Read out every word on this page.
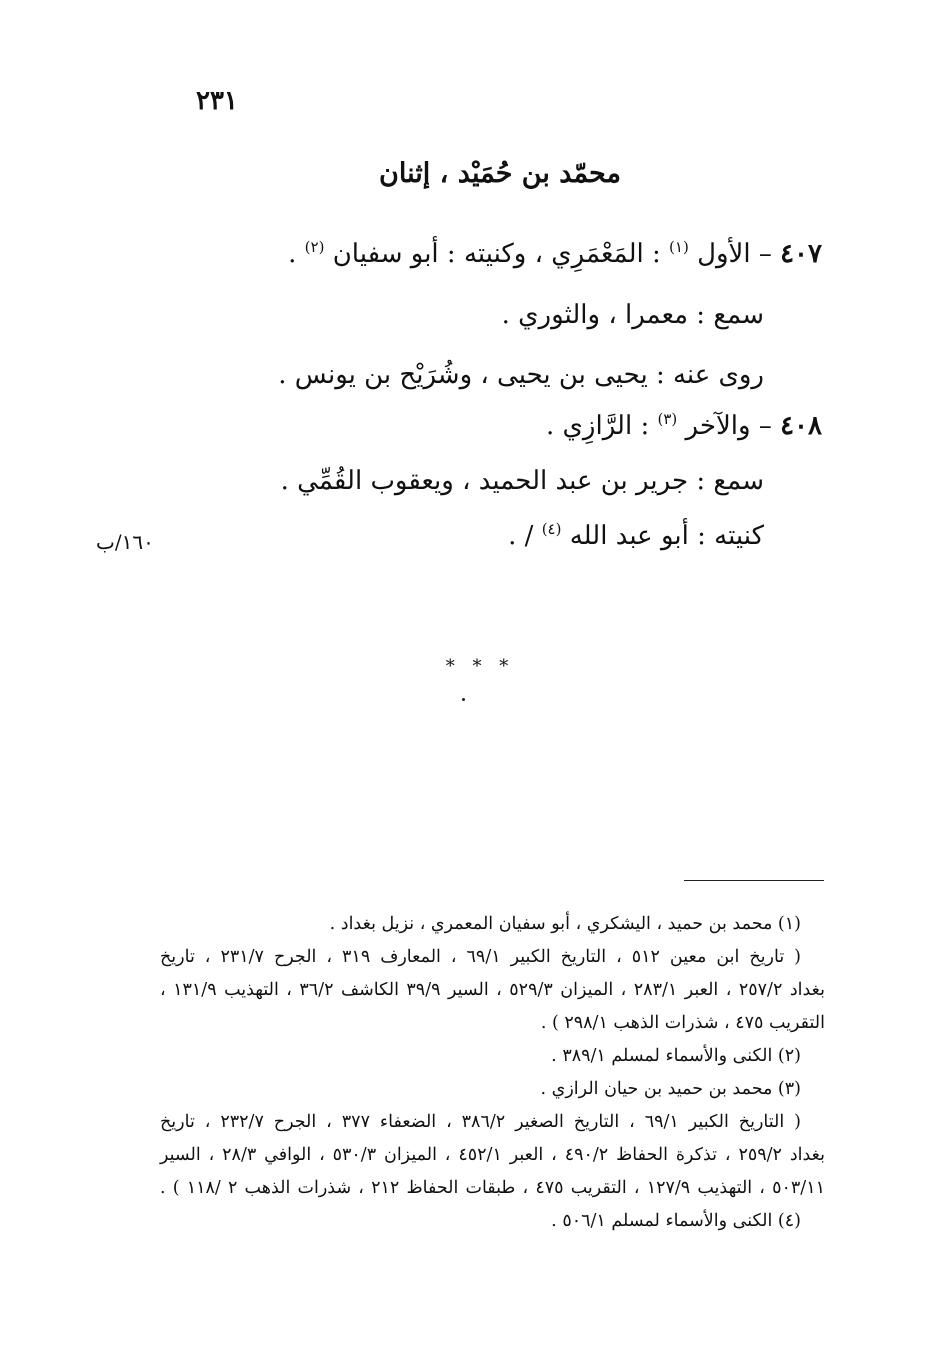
٢٣١
محمّد بن حُمَيْد ، إثنان
٤٠٧ – الأول $^{(١)}$ : المَعْمَرِي ، وكنيته : أبو سفيان $^{(٢)}$ .
سمع : معمرا ، والثوري .
روى عنه : يحيى بن يحيى ، وشُرَيْح بن يونس .
٤٠٨ – والآخر $^{(٣)}$ : الرَّازِي .
سمع : جرير بن عبد الحميد ، ويعقوب القُمِّي .
كنيته : أبو عبد الله $^{(٤)}$ / .
١٦٠/ب
* * *

(١) محمد بن حميد ، اليشكري ، أبو سفيان المعمري ، نزيل بغداد .

( تاريخ ابن معين ٥١٢ ، التاريخ الكبير ٦٩/١ ، المعارف ٣١٩ ، الجرح ٢٣١/٧ ، تاريخ

بغداد ٢٥٧/٢ ، العبر ٢٨٣/١ ، الميزان ٥٢٩/٣ ، السير ٣٩/٩ الكاشف ٣٦/٢ ، التهذيب ١٣١/٩ ،

التقريب ٤٧٥ ، شذرات الذهب ٢٩٨/١ ) .

(٢) الكنى والأسماء لمسلم ٣٨٩/١ .

(٣) محمد بن حميد بن حيان الرازي .

( التاريخ الكبير ٦٩/١ ، التاريخ الصغير ٣٨٦/٢ ، الضعفاء ٣٧٧ ، الجرح ٢٣٢/٧ ، تاريخ

بغداد ٢٥٩/٢ ، تذكرة الحفاظ ٤٩٠/٢ ، العبر ٤٥٢/١ ، الميزان ٥٣٠/٣ ، الوافي ٢٨/٣ ، السير

٥٠٣/١١ ، التهذيب ١٢٧/٩ ، التقريب ٤٧٥ ، طبقات الحفاظ ٢١٢ ، شذرات الذهب ٢ /١١٨ ) .

(٤) الكنى والأسماء لمسلم ٥٠٦/١ .
